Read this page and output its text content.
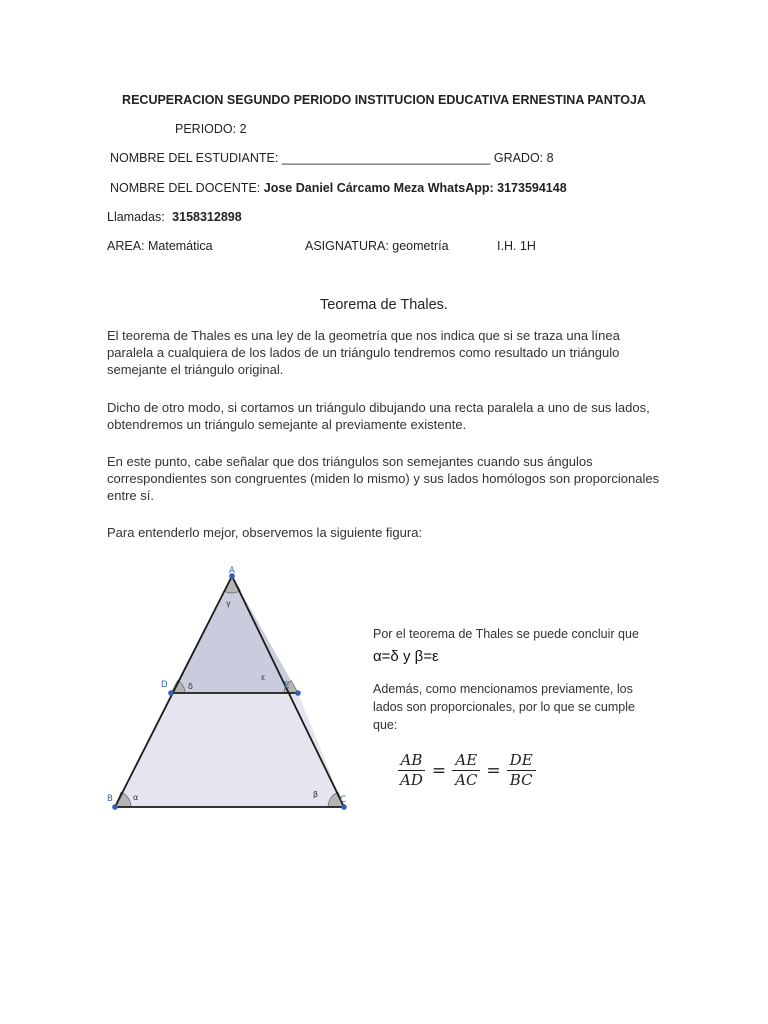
RECUPERACION SEGUNDO PERIODO INSTITUCION EDUCATIVA ERNESTINA PANTOJA
PERIODO: 2
NOMBRE DEL ESTUDIANTE: ______________________________ GRADO: 8
NOMBRE DEL DOCENTE: Jose Daniel Cárcamo Meza WhatsApp: 3173594148
Llamadas: 3158312898
AREA: Matemática	ASIGNATURA: geometría	I.H. 1H
Teorema de Thales.
El teorema de Thales es una ley de la geometría que nos indica que si se traza una línea paralela a cualquiera de los lados de un triángulo tendremos como resultado un triángulo semejante el triángulo original.
Dicho de otro modo, si cortamos un triángulo dibujando una recta paralela a uno de sus lados, obtendremos un triángulo semejante al previamente existente.
En este punto, cabe señalar que dos triángulos son semejantes cuando sus ángulos correspondientes son congruentes (miden lo mismo) y sus lados homólogos son proporcionales entre sí.
Para entenderlo mejor, observemos la siguiente figura:
A
D	E
B	C
γ
δ
ε
α	β
Por el teorema de Thales se puede concluir que
α=δ y β=ε
Además, como mencionamos previamente, los lados son proporcionales, por lo que se cumple que:
$\frac{AB}{AD} = \frac{AE}{AC} = \frac{DE}{BC}$
